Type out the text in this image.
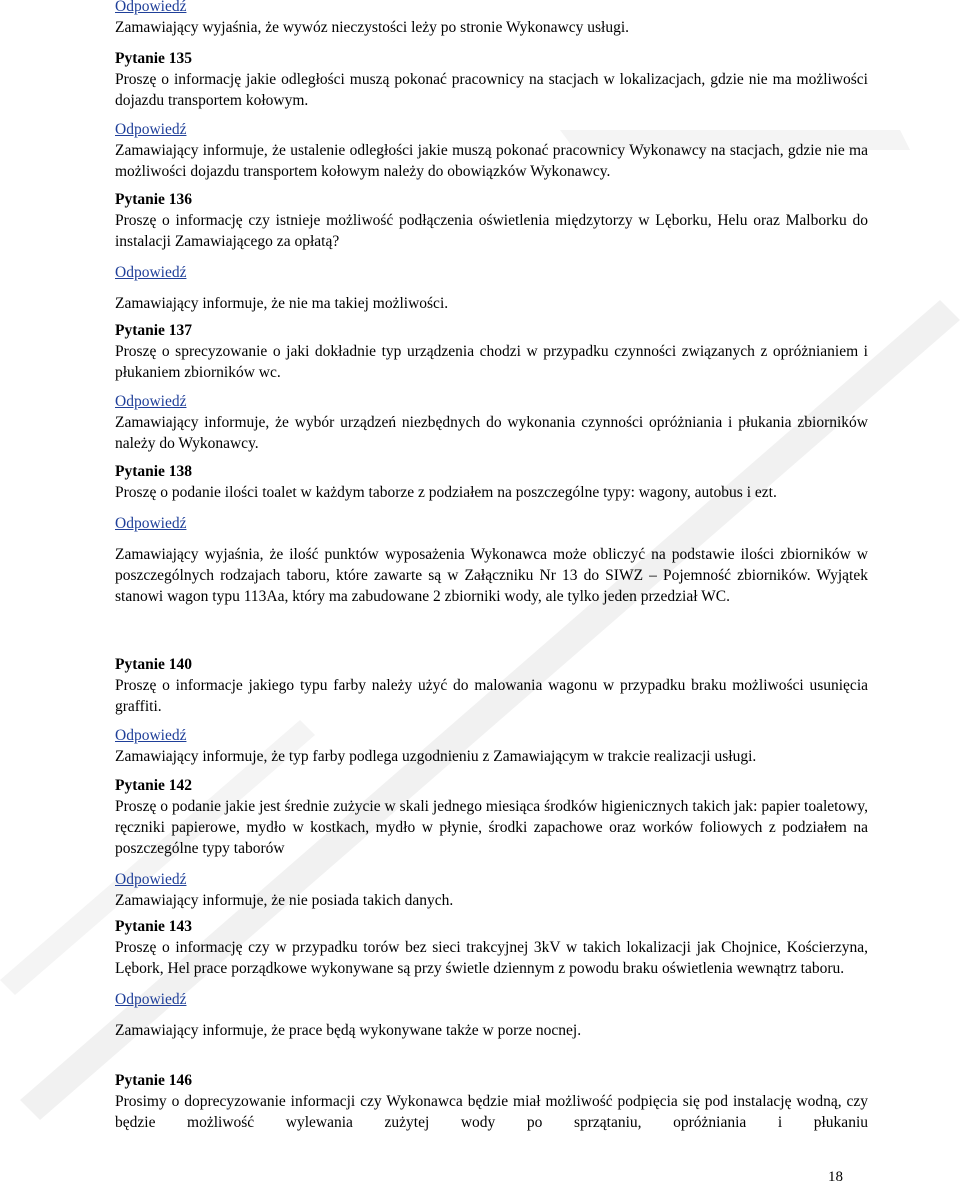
Odpowiedź

Zamawiający wyjaśnia, że wywóz nieczystości leży po stronie Wykonawcy usługi.

Pytanie 135

Proszę o informację jakie odległości muszą pokonać pracownicy na stacjach w lokalizacjach, gdzie nie ma możliwości dojazdu transportem kołowym.

Odpowiedź

Zamawiający informuje, że ustalenie odległości jakie muszą pokonać pracownicy Wykonawcy na stacjach, gdzie nie ma możliwości dojazdu transportem kołowym należy do obowiązków Wykonawcy.

Pytanie 136

Proszę o informację czy istnieje możliwość podłączenia oświetlenia międzytorzy w Lęborku, Helu oraz Malborku do instalacji Zamawiającego za opłatą?

Odpowiedź

Zamawiający informuje, że nie ma takiej możliwości.

Pytanie 137

Proszę o sprecyzowanie o jaki dokładnie typ urządzenia chodzi w przypadku czynności związanych z opróżnianiem i płukaniem zbiorników wc.

Odpowiedź

Zamawiający informuje, że wybór urządzeń niezbędnych do wykonania czynności opróżniania i płukania zbiorników należy do Wykonawcy.

Pytanie 138

Proszę o podanie ilości toalet w każdym taborze z podziałem na poszczególne typy: wagony, autobus i ezt.

Odpowiedź

Zamawiający wyjaśnia, że ilość punktów wyposażenia Wykonawca może obliczyć na podstawie ilości zbiorników w poszczególnych rodzajach taboru, które zawarte są w Załączniku Nr 13 do SIWZ – Pojemność zbiorników. Wyjątek stanowi wagon typu 113Aa, który ma zabudowane 2 zbiorniki wody, ale tylko jeden przedział WC.

Pytanie 140

Proszę o informacje jakiego typu farby należy użyć do malowania wagonu w przypadku braku możliwości usunięcia graffiti.

Odpowiedź

Zamawiający informuje, że typ farby podlega uzgodnieniu z Zamawiającym w trakcie realizacji usługi.

Pytanie 142

Proszę o podanie jakie jest średnie zużycie w skali jednego miesiąca środków higienicznych takich jak: papier toaletowy, ręczniki papierowe, mydło w kostkach, mydło w płynie, środki zapachowe oraz worków foliowych z podziałem na poszczególne typy taborów

Odpowiedź

Zamawiający informuje, że nie posiada takich danych.

Pytanie 143

Proszę o informację czy w przypadku torów bez sieci trakcyjnej 3kV w takich lokalizacji jak Chojnice, Kościerzyna, Lębork, Hel prace porządkowe wykonywane są przy świetle dziennym z powodu braku oświetlenia wewnątrz taboru.

Odpowiedź

Zamawiający informuje, że prace będą wykonywane także w porze nocnej.

Pytanie 146

Prosimy o doprecyzowanie informacji czy Wykonawca będzie miał możliwość podpięcia się pod instalację wodną, czy będzie możliwość wylewania zużytej wody po sprzątaniu, opróżniania i płukaniu

18
